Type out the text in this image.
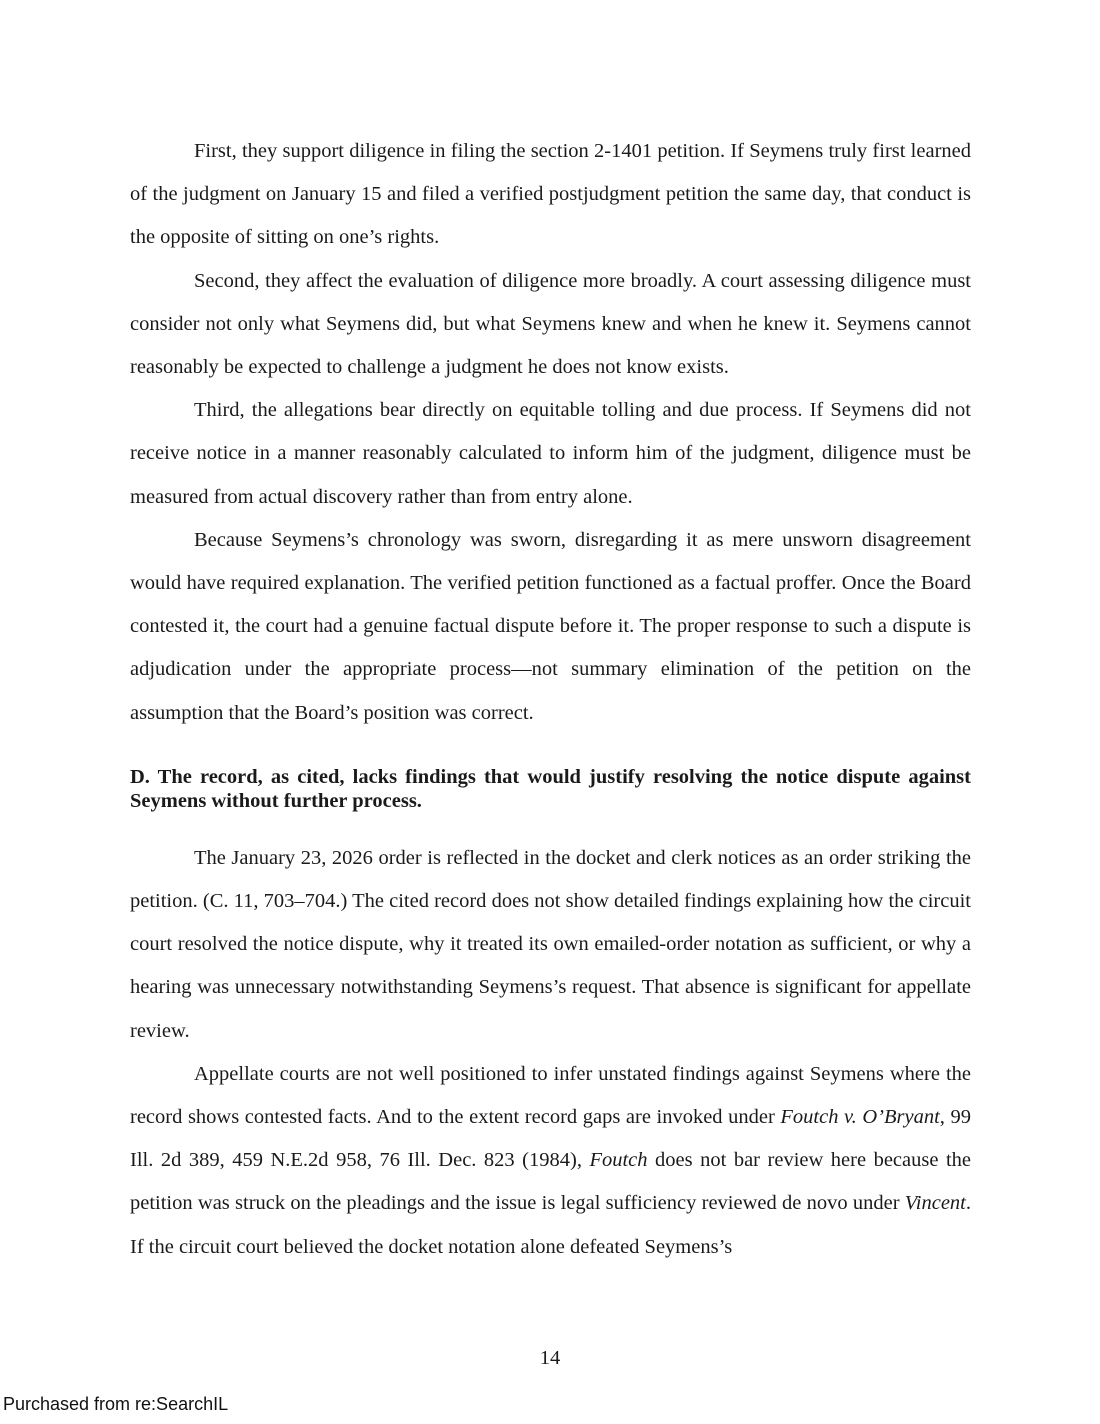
First, they support diligence in filing the section 2-1401 petition. If Seymens truly first learned of the judgment on January 15 and filed a verified postjudgment petition the same day, that conduct is the opposite of sitting on one’s rights.

Second, they affect the evaluation of diligence more broadly. A court assessing diligence must consider not only what Seymens did, but what Seymens knew and when he knew it. Seymens cannot reasonably be expected to challenge a judgment he does not know exists.

Third, the allegations bear directly on equitable tolling and due process. If Seymens did not receive notice in a manner reasonably calculated to inform him of the judgment, diligence must be measured from actual discovery rather than from entry alone.

Because Seymens’s chronology was sworn, disregarding it as mere unsworn disagreement would have required explanation. The verified petition functioned as a factual proffer. Once the Board contested it, the court had a genuine factual dispute before it. The proper response to such a dispute is adjudication under the appropriate process—not summary elimination of the petition on the assumption that the Board’s position was correct.

D. The record, as cited, lacks findings that would justify resolving the notice dispute against Seymens without further process.

The January 23, 2026 order is reflected in the docket and clerk notices as an order striking the petition. (C. 11, 703–704.) The cited record does not show detailed findings explaining how the circuit court resolved the notice dispute, why it treated its own emailed-order notation as sufficient, or why a hearing was unnecessary notwithstanding Seymens’s request. That absence is significant for appellate review.

Appellate courts are not well positioned to infer unstated findings against Seymens where the record shows contested facts. And to the extent record gaps are invoked under Foutch v. O’Bryant, 99 Ill. 2d 389, 459 N.E.2d 958, 76 Ill. Dec. 823 (1984), Foutch does not bar review here because the petition was struck on the pleadings and the issue is legal sufficiency reviewed de novo under Vincent. If the circuit court believed the docket notation alone defeated Seymens’s

14
Purchased from re:SearchIL
